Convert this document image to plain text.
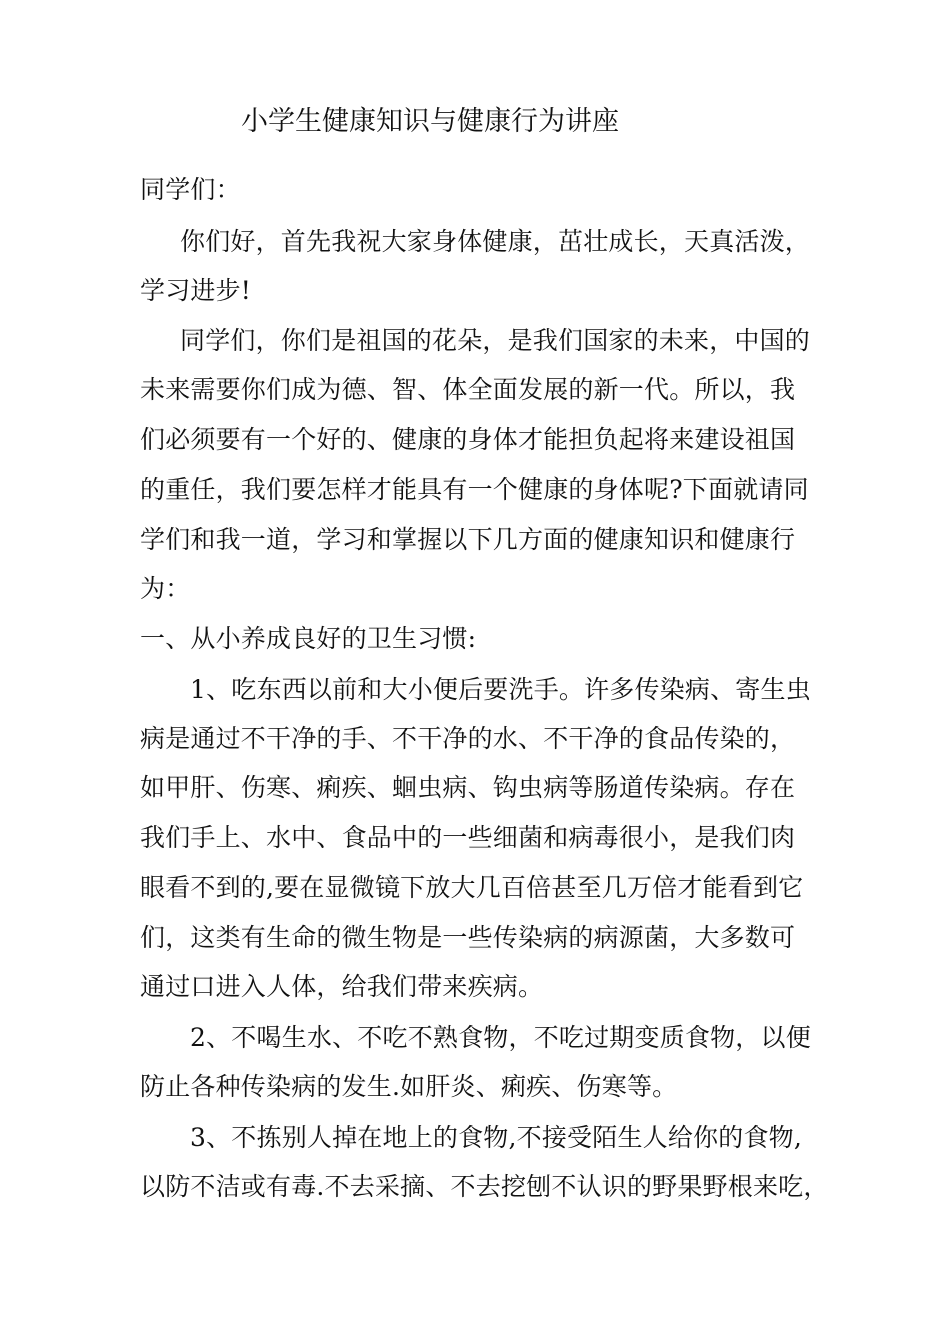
小学生健康知识与健康行为讲座
同学们：
你们好，首先我祝大家身体健康，茁壮成长，天真活泼，
学习进步!
同学们，你们是祖国的花朵，是我们国家的未来，中国的
未来需要你们成为德、智、体全面发展的新一代。所以，我
们必须要有一个好的、健康的身体才能担负起将来建设祖国
的重任，我们要怎样才能具有一个健康的身体呢?下面就请同
学们和我一道，学习和掌握以下几方面的健康知识和健康行
为：
一、从小养成良好的卫生习惯:
1、吃东西以前和大小便后要洗手。许多传染病、寄生虫
病是通过不干净的手、不干净的水、不干净的食品传染的，
如甲肝、伤寒、痢疾、蛔虫病、钩虫病等肠道传染病。存在
我们手上、水中、食品中的一些细菌和病毒很小，是我们肉
眼看不到的,要在显微镜下放大几百倍甚至几万倍才能看到它
们，这类有生命的微生物是一些传染病的病源菌，大多数可
通过口进入人体，给我们带来疾病。
2、不喝生水、不吃不熟食物，不吃过期变质食物，以便
防止各种传染病的发生.如肝炎、痢疾、伤寒等。
3、不拣别人掉在地上的食物,不接受陌生人给你的食物,
以防不洁或有毒.不去采摘、不去挖刨不认识的野果野根来吃，
